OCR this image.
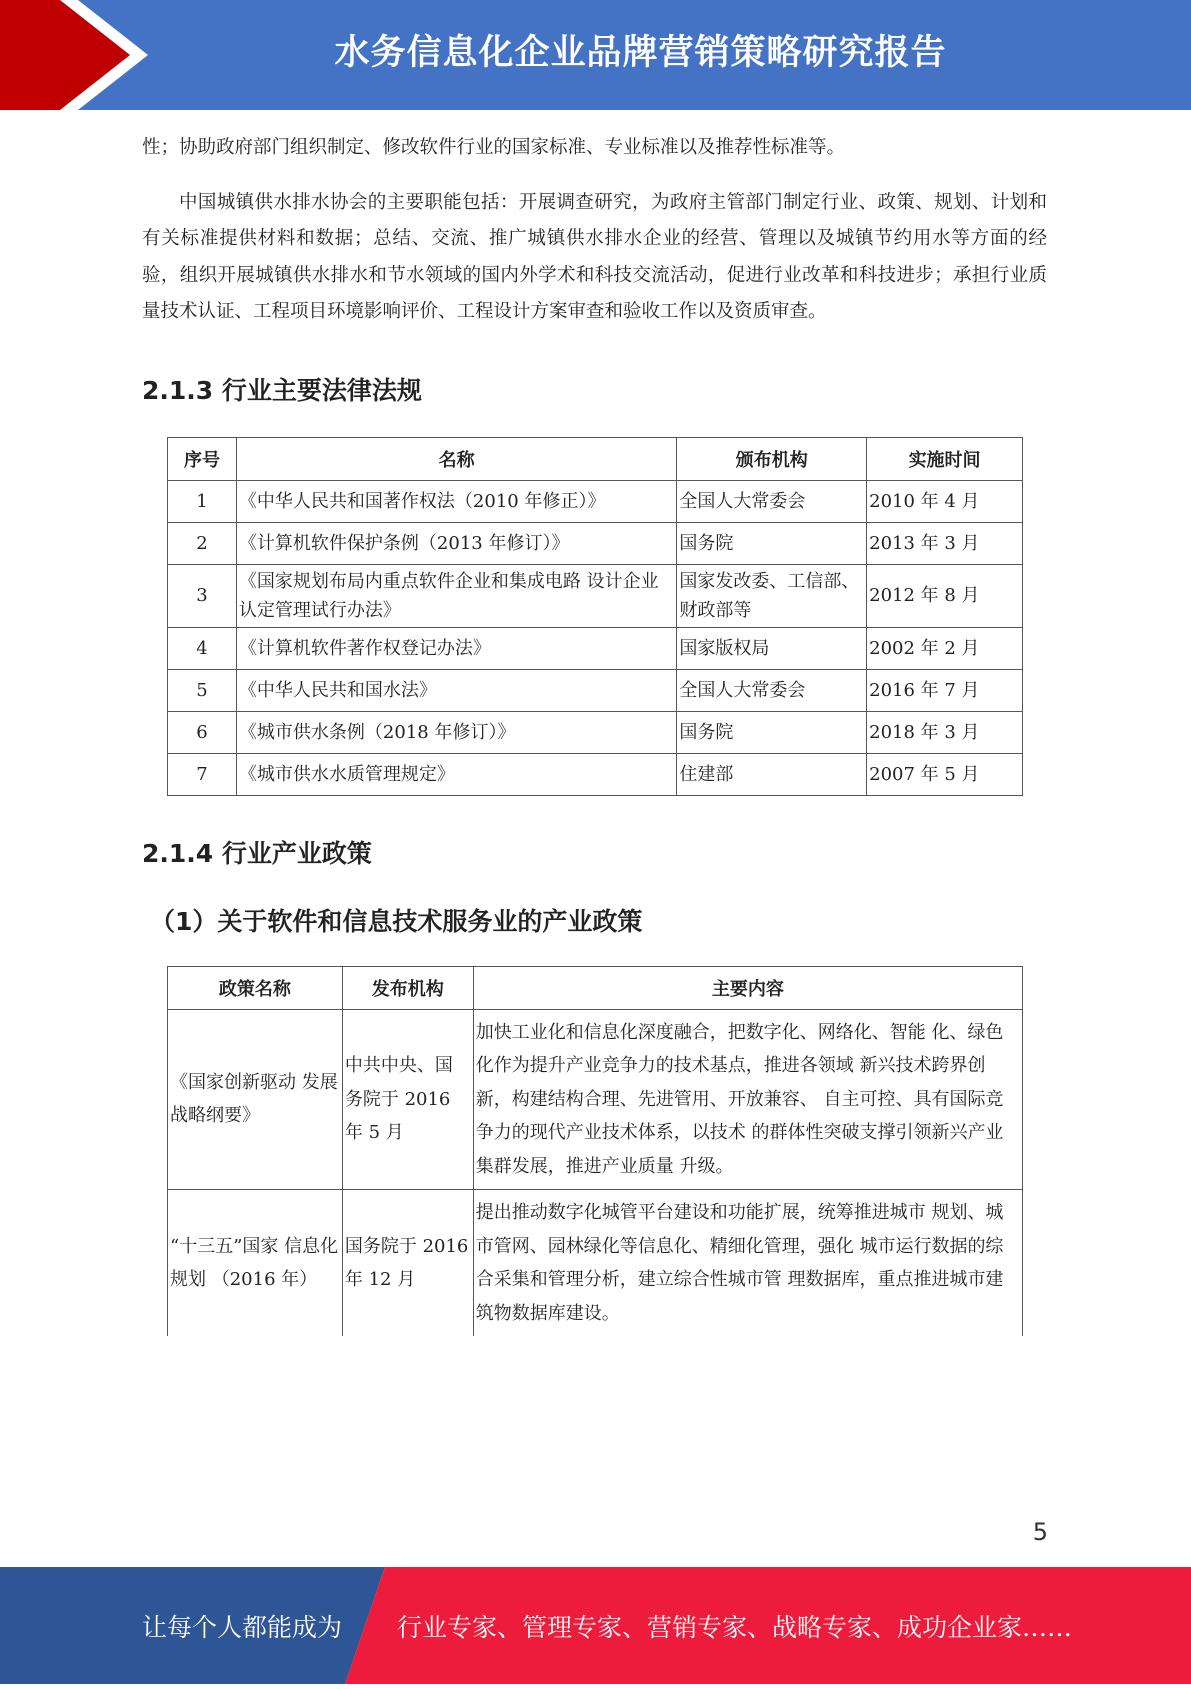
水务信息化企业品牌营销策略研究报告

性；协助政府部门组织制定、修改软件行业的国家标准、专业标准以及推荐性标准等。

中国城镇供水排水协会的主要职能包括：开展调查研究，为政府主管部门制定行业、政策、规划、计划和有关标准提供材料和数据；总结、交流、推广城镇供水排水企业的经营、管理以及城镇节约用水等方面的经验，组织开展城镇供水排水和节水领域的国内外学术和科技交流活动，促进行业改革和科技进步；承担行业质量技术认证、工程项目环境影响评价、工程设计方案审查和验收工作以及资质审查。

2.1.3 行业主要法律法规
序号	名称	颁布机构	实施时间
1	《中华人民共和国著作权法（2010 年修正）》	全国人大常委会	2010 年 4 月
2	《计算机软件保护条例（2013 年修订）》	国务院	2013 年 3 月
3	《国家规划布局内重点软件企业和集成电路 设计企业认定管理试行办法》	国家发改委、工信部、财政部等	2012 年 8 月
4	《计算机软件著作权登记办法》	国家版权局	2002 年 2 月
5	《中华人民共和国水法》	全国人大常委会	2016 年 7 月
6	《城市供水条例（2018 年修订）》	国务院	2018 年 3 月
7	《城市供水水质管理规定》	住建部	2007 年 5 月
2.1.4 行业产业政策
（1）关于软件和信息技术服务业的产业政策
政策名称	发布机构	主要内容
《国家创新驱动 发展战略纲要》	中共中央、国务院于 2016 年 5 月	加快工业化和信息化深度融合，把数字化、网络化、智能 化、绿色化作为提升产业竞争力的技术基点，推进各领域 新兴技术跨界创新，构建结构合理、先进管用、开放兼容、 自主可控、具有国际竞争力的现代产业技术体系，以技术 的群体性突破支撑引领新兴产业集群发展，推进产业质量 升级。
“十三五”国家 信息化规划 （2016 年）	国务院于 2016 年 12 月	提出推动数字化城管平台建设和功能扩展，统筹推进城市 规划、城市管网、园林绿化等信息化、精细化管理，强化 城市运行数据的综合采集和管理分析，建立综合性城市管 理数据库，重点推进城市建筑物数据库建设。
5
让每个人都能成为 行业专家、管理专家、营销专家、战略专家、成功企业家……
